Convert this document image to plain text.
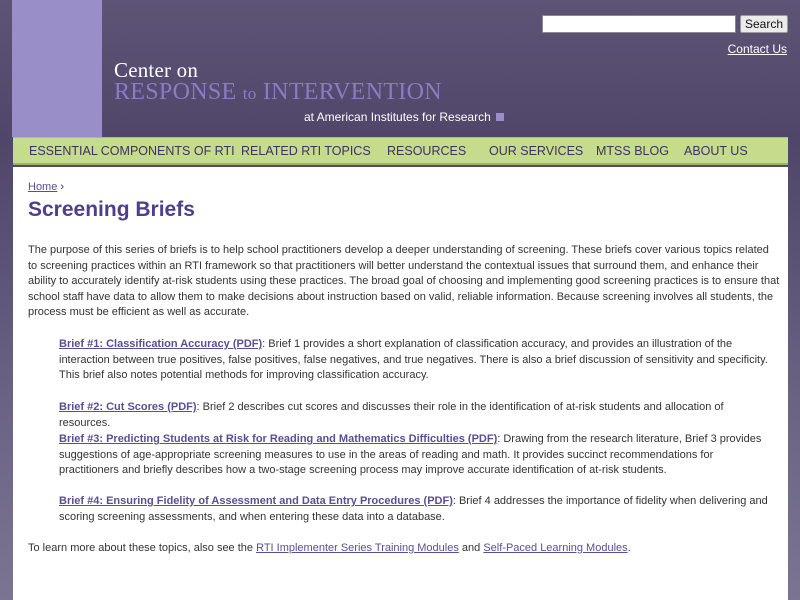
Search
Contact Us
Center on
RESPONSE to INTERVENTION
at American Institutes for Research
ESSENTIAL COMPONENTS OF RTI RELATED RTI TOPICS RESOURCES OUR SERVICES MTSS BLOG ABOUT US
Home ›
Screening Briefs

The purpose of this series of briefs is to help school practitioners develop a deeper understanding of screening. These briefs cover various topics related to screening practices within an RTI framework so that practitioners will better understand the contextual issues that surround them, and enhance their ability to accurately identify at-risk students using these practices. The broad goal of choosing and implementing good screening practices is to ensure that school staff have data to allow them to make decisions about instruction based on valid, reliable information. Because screening involves all students, the process must be efficient as well as accurate.

Brief #1: Classification Accuracy (PDF): Brief 1 provides a short explanation of classification accuracy, and provides an illustration of the interaction between true positives, false positives, false negatives, and true negatives. There is also a brief discussion of sensitivity and specificity. This brief also notes potential methods for improving classification accuracy.

Brief #2: Cut Scores (PDF): Brief 2 describes cut scores and discusses their role in the identification of at-risk students and allocation of resources.

Brief #3: Predicting Students at Risk for Reading and Mathematics Difficulties (PDF): Drawing from the research literature, Brief 3 provides suggestions of age-appropriate screening measures to use in the areas of reading and math. It provides succinct recommendations for practitioners and briefly describes how a two-stage screening process may improve accurate identification of at-risk students.

Brief #4: Ensuring Fidelity of Assessment and Data Entry Procedures (PDF): Brief 4 addresses the importance of fidelity when delivering and scoring screening assessments, and when entering these data into a database.

To learn more about these topics, also see the RTI Implementer Series Training Modules and Self-Paced Learning Modules.
